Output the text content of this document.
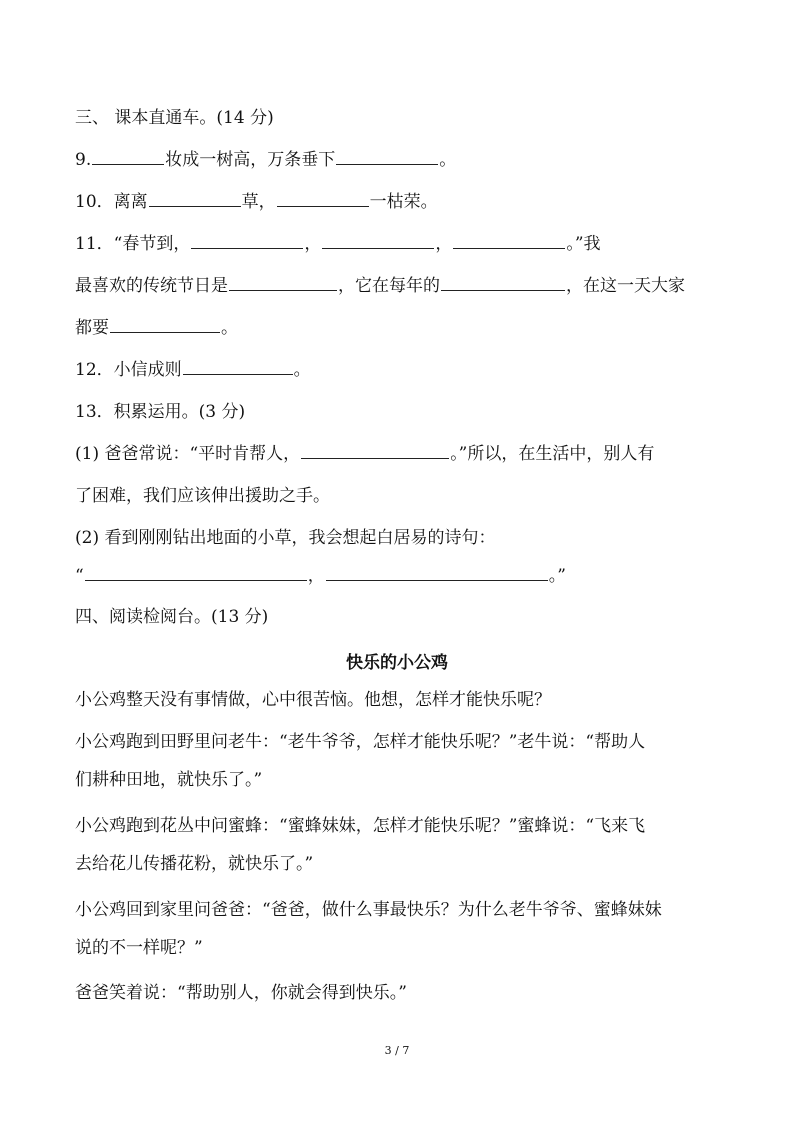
三、 课本直通车。(14 分)
9.	妆成一树高，万条垂下	。
10．离离	草，	一枯荣。
11．“春节到，	，	，	。”我
最喜欢的传统节日是	，它在每年的	，在这一天大家
都要	。
12．小信成则	。
13．积累运用。(3 分)
(1) 爸爸常说：“平时肯帮人，	。”所以，在生活中，别人有
了困难，我们应该伸出援助之手。
(2) 看到刚刚钻出地面的小草，我会想起白居易的诗句：
“	，	。”
四、阅读检阅台。(13 分)
快乐的小公鸡
小公鸡整天没有事情做，心中很苦恼。他想，怎样才能快乐呢？
小公鸡跑到田野里问老牛：“老牛爷爷，怎样才能快乐呢？”老牛说：“帮助人
们耕种田地，就快乐了。”
小公鸡跑到花丛中问蜜蜂：“蜜蜂妹妹，怎样才能快乐呢？”蜜蜂说：“飞来飞
去给花儿传播花粉，就快乐了。”
小公鸡回到家里问爸爸：“爸爸，做什么事最快乐？为什么老牛爷爷、蜜蜂妹妹
说的不一样呢？”
爸爸笑着说：“帮助别人，你就会得到快乐。”
3 / 7
